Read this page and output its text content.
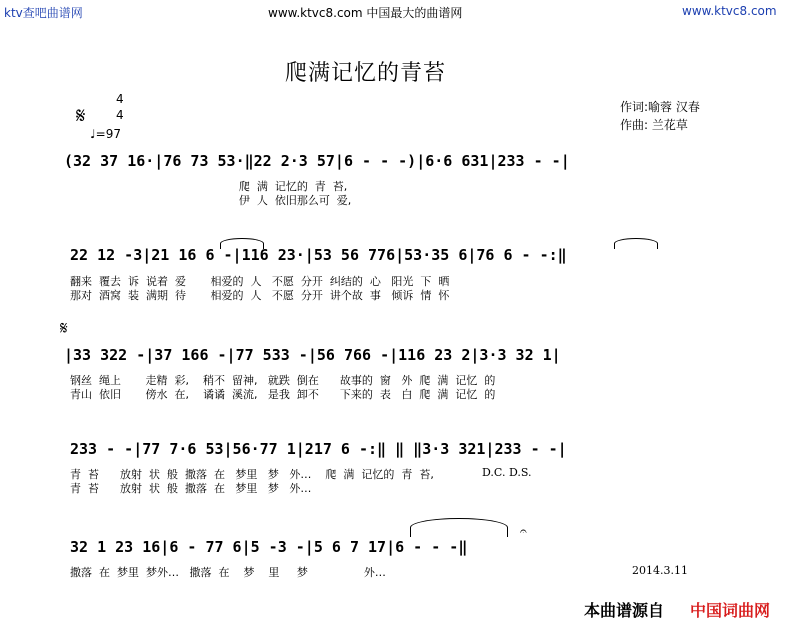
ktv查吧曲谱网	www.ktvc8.com 中国最大的曲谱网	www.ktvc8.com
爬满记忆的青苔
作词:喻蓉 汉春
作曲: 兰花草
𝄋
4
4
♩=97
(32 37 16·|76 73 53·‖22 2·3 57|6 - - -)|6·6 631|233 - -|
爬  满  记忆的  青  苔,
伊  人  依旧那么可  爱,
22 12 -3|21 16 6 -|116 23·|53 56 776|53·35 6|76 6 - -:‖
翻来  覆去  诉  说着  爱       相爱的  人   不愿  分开  纠结的  心   阳光  下  晒
那对  酒窝  装  满期  待       相爱的  人   不愿  分开  讲个故  事   倾诉  情  怀
𝄋
|33 322 -|37 166 -|77 533 -|56 766 -|116 23 2|3·3 32 1|
钢丝  绳上       走精  彩,    稍不  留神,   就跌  倒在      故事的  窗   外  爬  满  记忆  的
青山  依旧       傍水  在,    谲谲  溪流,   是我  卸不      下来的  表   白  爬  满  记忆  的
233 - -|77 7·6 53|56·77 1|217 6 -:‖ ‖ ‖3·3 321|233 - -|
青  苔      放射  状  般  撒落  在   梦里   梦   外…    爬  满  记忆的  青  苔,
青  苔      放射  状  般  撒落  在   梦里   梦   外…
D.C. D.S.
32 1 23 16|6 - 77 6|5 -3 -|5 6 7 17|6 - - -‖
𝄐
撒落  在  梦里  梦外…   撒落  在    梦    里     梦                外…	2014.3.11
本曲谱源自 中国词曲网
